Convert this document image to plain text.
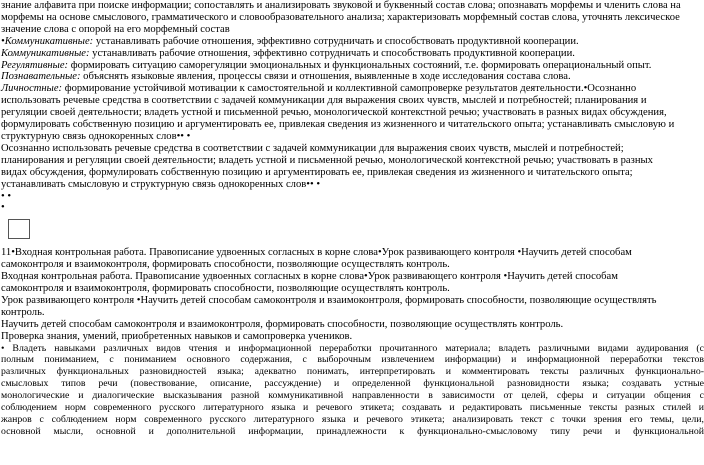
знание алфавита при поиске информации; сопоставлять и анализировать звуковой и буквенный состав слова; опознавать морфемы и членить слова на

морфемы на основе смыслового, грамматического и словообразовательного анализа; характеризовать морфемный состав слова, уточнять лексическое

значение слова с опорой на его морфемный состав

•Коммуникативные: устанавливать рабочие отношения, эффективно сотрудничать и способствовать продуктивной кооперации.

Коммуникативные: устанавливать рабочие отношения, эффективно сотрудничать и способствовать продуктивной кооперации.

Регулятивные: формировать ситуацию саморегуляции эмоциональных и функциональных состояний, т.е. формировать операциональный опыт.

Познавательные: объяснять языковые явления, процессы связи и отношения, выявленные в ходе исследования состава слова.

Личностные: формирование устойчивой мотивации к самостоятельной и коллективной самопроверке результатов деятельности.•Осознанно

использовать речевые средства в соответствии с задачей коммуникации для выражения своих чувств, мыслей и потребностей; планирования и

регуляции своей деятельности; владеть устной и письменной речью, монологической контекстной речью; участвовать в разных видах обсуждения,

формулировать собственную позицию и аргументировать ее, привлекая сведения из жизненного и читательского опыта; устанавливать смысловую и

структурную связь однокоренных слов•• •

Осознанно использовать речевые средства в соответствии с задачей коммуникации для выражения своих чувств, мыслей и потребностей;

планирования и регуляции своей деятельности; владеть устной и письменной речью, монологической контекстной речью; участвовать в разных

видах обсуждения, формулировать собственную позицию и аргументировать ее, привлекая сведения из жизненного и читательского опыта;

устанавливать смысловую и структурную связь однокоренных слов•• •

• •

•

11•Входная контрольная работа. Правописание удвоенных согласных в корне слова•Урок развивающего контроля •Научить детей способам

самоконтроля и взаимоконтроля, формировать способности, позволяющие осуществлять контроль.

Входная контрольная работа. Правописание удвоенных согласных в корне слова•Урок развивающего контроля •Научить детей способам

самоконтроля и взаимоконтроля, формировать способности, позволяющие осуществлять контроль.

Урок развивающего контроля •Научить детей способам самоконтроля и взаимоконтроля, формировать способности, позволяющие осуществлять

контроль.

Научить детей способам самоконтроля и взаимоконтроля, формировать способности, позволяющие осуществлять контроль.

Проверка знания, умений, приобретенных навыков и самопроверка учеников.

• Владеть навыками различных видов чтения и информационной переработки прочитанного материала; владеть различными видами аудирования (с

полным пониманием, с пониманием основного содержания, с выборочным извлечением информации) и информационной переработки текстов

различных функциональных разновидностей языка; адекватно понимать, интерпретировать и комментировать тексты различных функционально-

смысловых типов речи (повествование, описание, рассуждение) и определенной функциональной разновидности языка; создавать устные

монологические и диалогические высказывания разной коммуникативной направленности в зависимости от целей, сферы и ситуации общения с

соблюдением норм современного русского литературного языка и речевого этикета; создавать и редактировать письменные тексты разных стилей и

жанров с соблюдением норм современного русского литературного языка и речевого этикета; анализировать текст с точки зрения его темы, цели,

основной мысли, основной и дополнительной информации, принадлежности к функционально-смысловому типу речи и функциональной
